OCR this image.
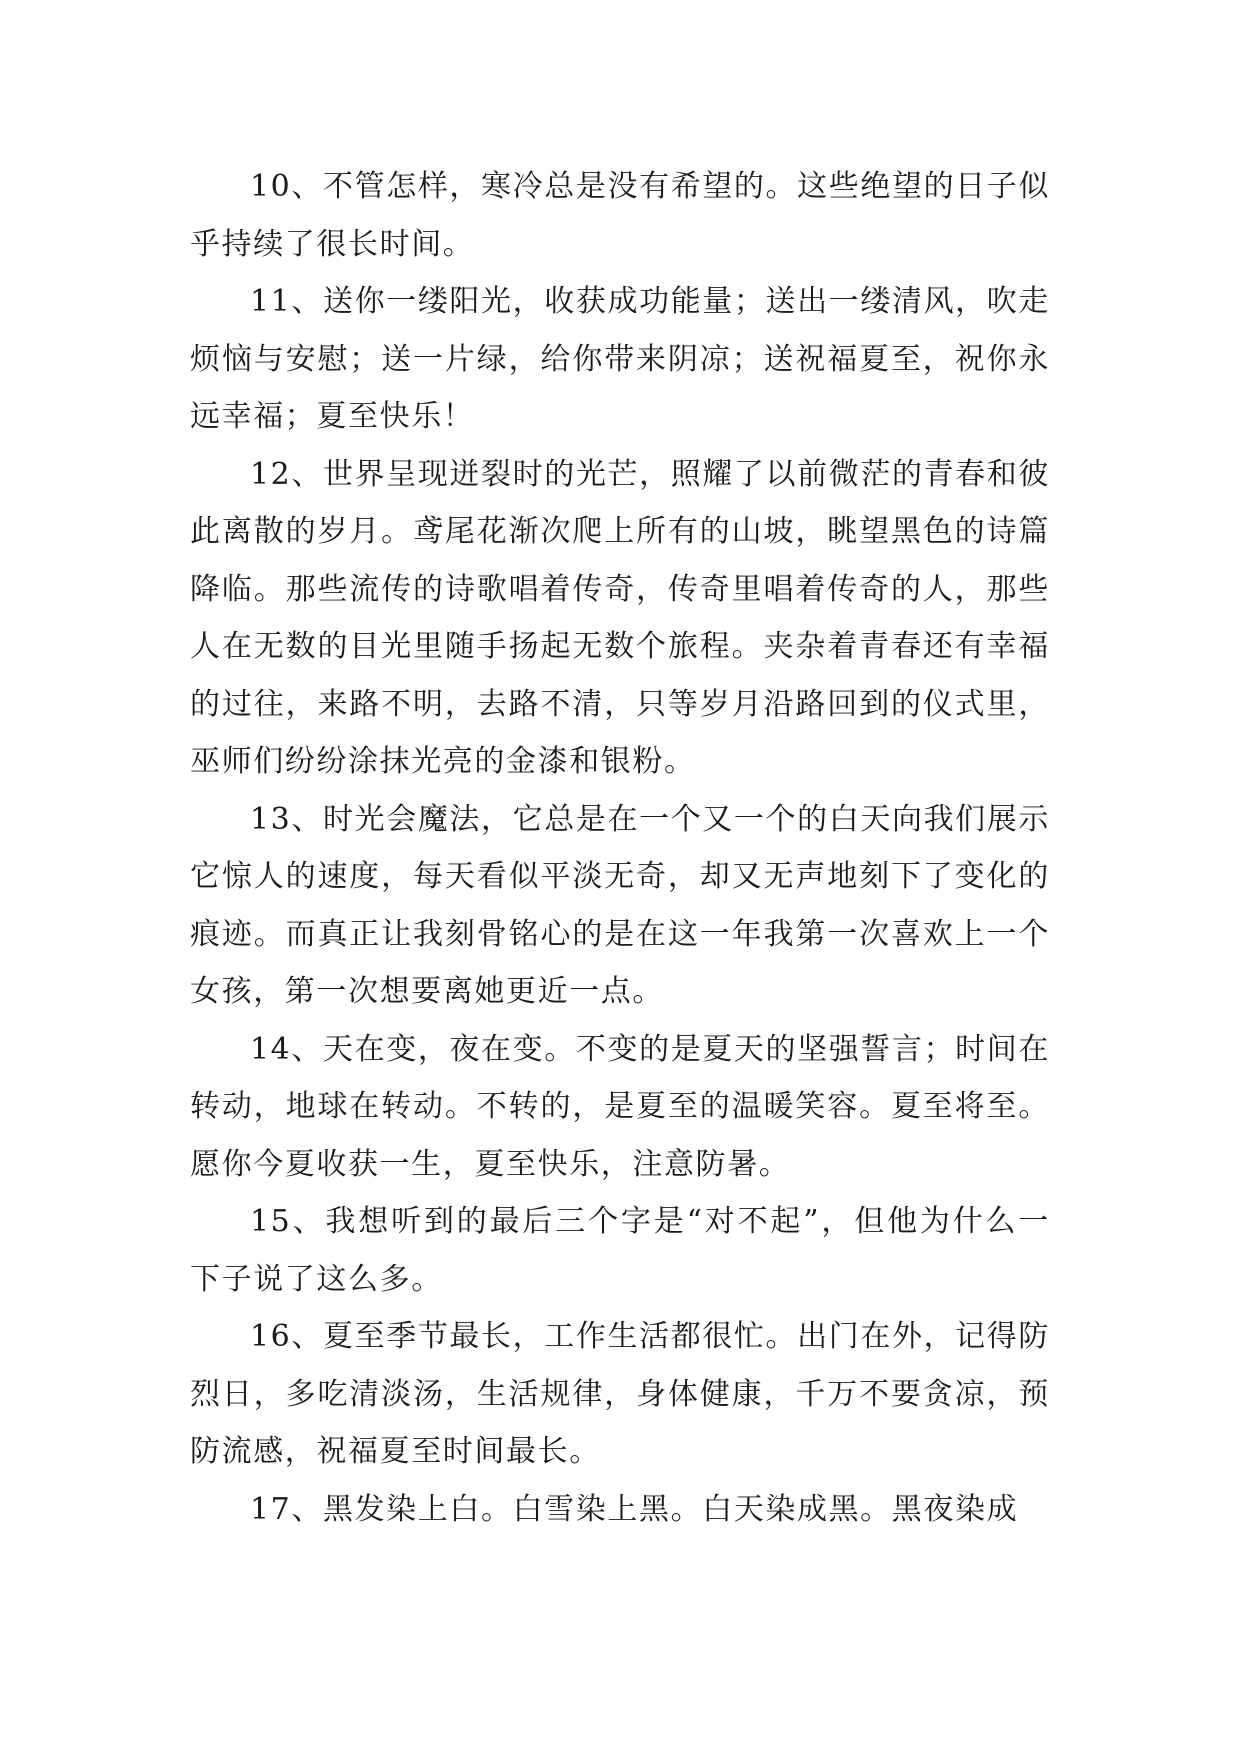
10、不管怎样，寒冷总是没有希望的。这些绝望的日子似乎持续了很长时间。

11、送你一缕阳光，收获成功能量；送出一缕清风，吹走烦恼与安慰；送一片绿，给你带来阴凉；送祝福夏至，祝你永远幸福；夏至快乐！

12、世界呈现迸裂时的光芒，照耀了以前微茫的青春和彼此离散的岁月。鸢尾花渐次爬上所有的山坡，眺望黑色的诗篇降临。那些流传的诗歌唱着传奇，传奇里唱着传奇的人，那些人在无数的目光里随手扬起无数个旅程。夹杂着青春还有幸福的过往，来路不明，去路不清，只等岁月沿路回到的仪式里，巫师们纷纷涂抹光亮的金漆和银粉。

13、时光会魔法，它总是在一个又一个的白天向我们展示它惊人的速度，每天看似平淡无奇，却又无声地刻下了变化的痕迹。而真正让我刻骨铭心的是在这一年我第一次喜欢上一个女孩，第一次想要离她更近一点。

14、天在变，夜在变。不变的是夏天的坚强誓言；时间在转动，地球在转动。不转的，是夏至的温暖笑容。夏至将至。愿你今夏收获一生，夏至快乐，注意防暑。

15、我想听到的最后三个字是“对不起”，但他为什么一下子说了这么多。

16、夏至季节最长，工作生活都很忙。出门在外，记得防烈日，多吃清淡汤，生活规律，身体健康，千万不要贪凉，预防流感，祝福夏至时间最长。

17、黑发染上白。白雪染上黑。白天染成黑。黑夜染成
